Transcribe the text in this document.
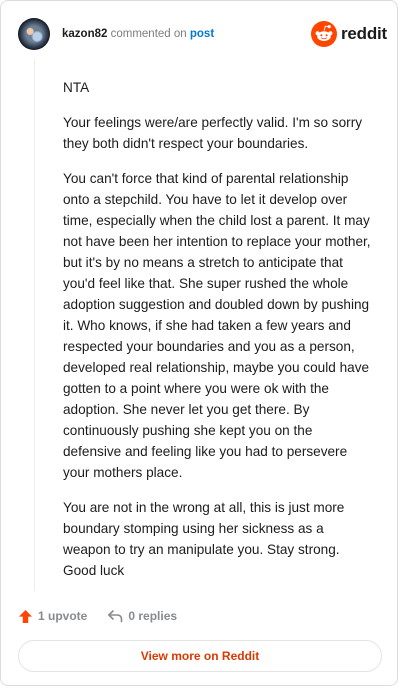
kazon82 commented on post	reddit

NTA

Your feelings were/are perfectly valid. I'm so sorry they both didn't respect your boundaries.

You can't force that kind of parental relationship onto a stepchild. You have to let it develop over time, especially when the child lost a parent. It may not have been her intention to replace your mother, but it's by no means a stretch to anticipate that you'd feel like that. She super rushed the whole adoption suggestion and doubled down by pushing it. Who knows, if she had taken a few years and respected your boundaries and you as a person, developed real relationship, maybe you could have gotten to a point where you were ok with the adoption. She never let you get there. By continuously pushing she kept you on the defensive and feeling like you had to persevere your mothers place.

You are not in the wrong at all, this is just more boundary stomping using her sickness as a weapon to try an manipulate you. Stay strong. Good luck

1 upvote	0 replies
View more on Reddit
